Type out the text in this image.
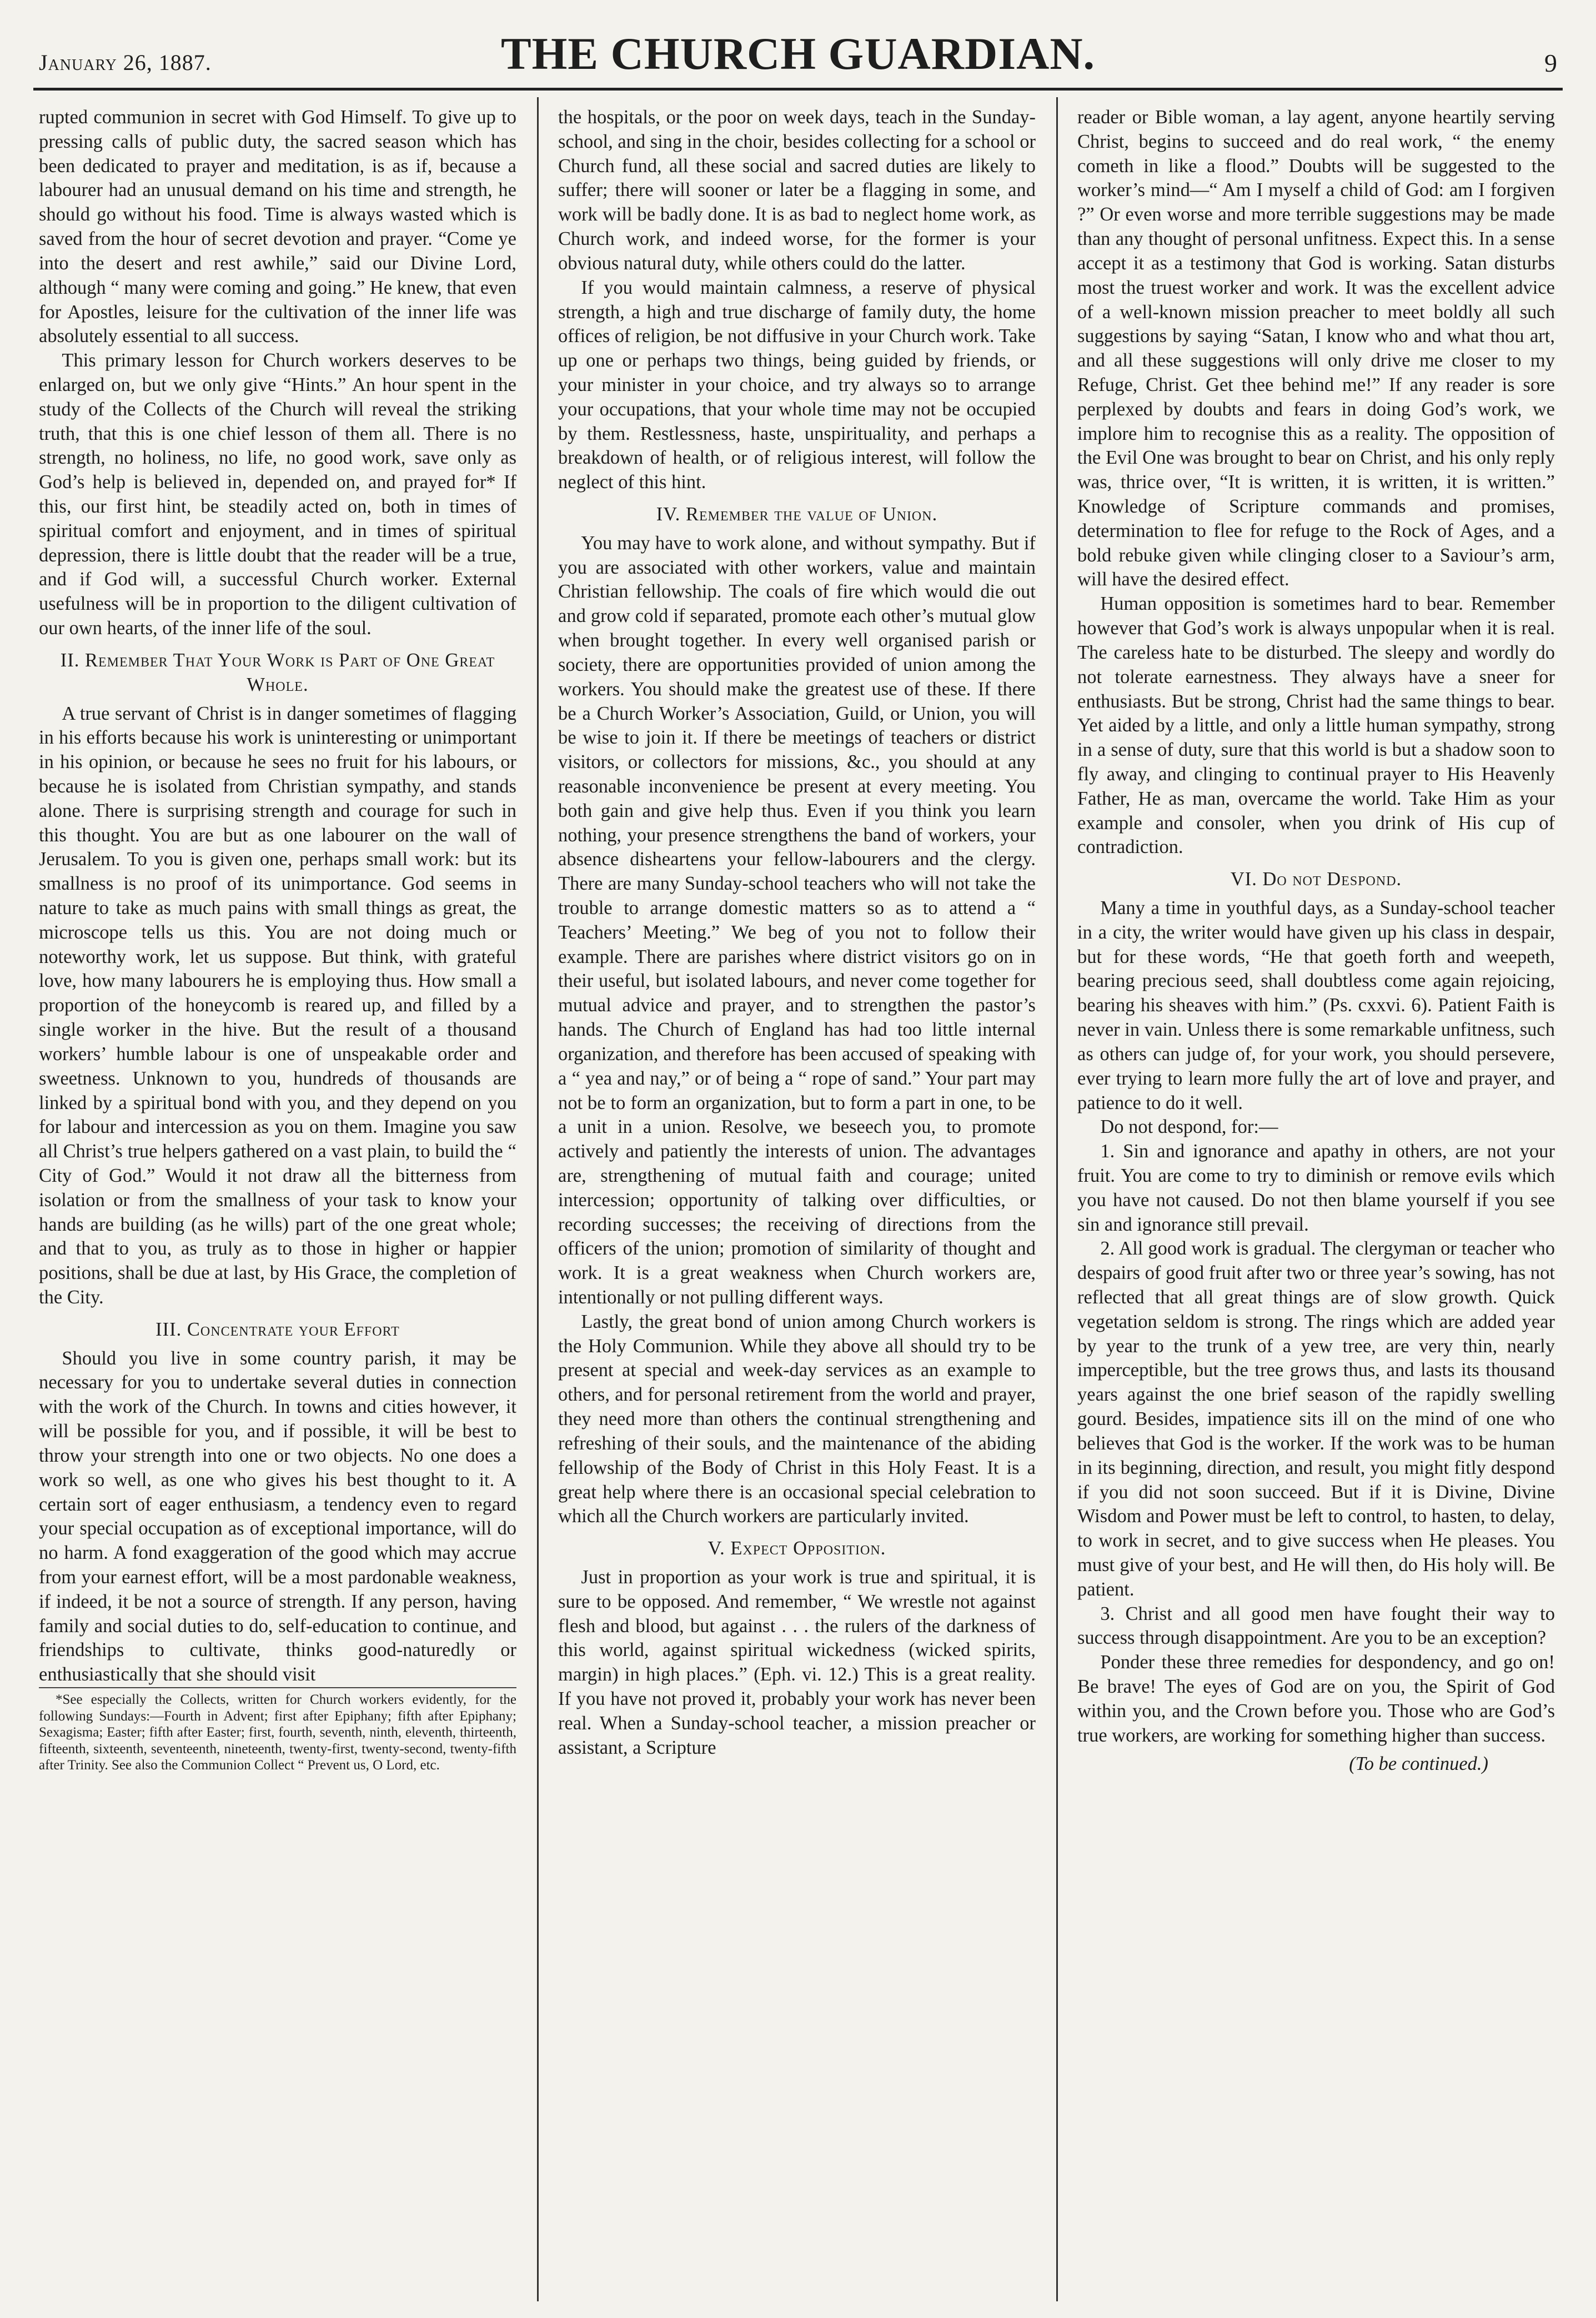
January 26, 1887.	THE CHURCH GUARDIAN.	9

rupted communion in secret with God Himself. To give up to pressing calls of public duty, the sacred season which has been dedicated to prayer and meditation, is as if, because a labourer had an unusual demand on his time and strength, he should go without his food. Time is always wasted which is saved from the hour of secret devotion and prayer. “Come ye into the desert and rest awhile,” said our Divine Lord, although “ many were coming and going.” He knew, that even for Apostles, leisure for the cultivation of the inner life was absolutely essential to all success.

This primary lesson for Church workers deserves to be enlarged on, but we only give “Hints.” An hour spent in the study of the Collects of the Church will reveal the striking truth, that this is one chief lesson of them all. There is no strength, no holiness, no life, no good work, save only as God’s help is believed in, depended on, and prayed for* If this, our first hint, be steadily acted on, both in times of spiritual comfort and enjoyment, and in times of spiritual depression, there is little doubt that the reader will be a true, and if God will, a successful Church worker. External usefulness will be in proportion to the diligent cultivation of our own hearts, of the inner life of the soul.

II. Remember That Your Work is Part of One Great Whole.

A true servant of Christ is in danger sometimes of flagging in his efforts because his work is uninteresting or unimportant in his opinion, or because he sees no fruit for his labours, or because he is isolated from Christian sympathy, and stands alone. There is surprising strength and courage for such in this thought. You are but as one labourer on the wall of Jerusalem. To you is given one, perhaps small work: but its smallness is no proof of its unimportance. God seems in nature to take as much pains with small things as great, the microscope tells us this. You are not doing much or noteworthy work, let us suppose. But think, with grateful love, how many labourers he is employing thus. How small a proportion of the honeycomb is reared up, and filled by a single worker in the hive. But the result of a thousand workers’ humble labour is one of unspeakable order and sweetness. Unknown to you, hundreds of thousands are linked by a spiritual bond with you, and they depend on you for labour and intercession as you on them. Imagine you saw all Christ’s true helpers gathered on a vast plain, to build the “ City of God.” Would it not draw all the bitterness from isolation or from the smallness of your task to know your hands are building (as he wills) part of the one great whole; and that to you, as truly as to those in higher or happier positions, shall be due at last, by His Grace, the completion of the City.

III. Concentrate your Effort

Should you live in some country parish, it may be necessary for you to undertake several duties in connection with the work of the Church. In towns and cities however, it will be possible for you, and if possible, it will be best to throw your strength into one or two objects. No one does a work so well, as one who gives his best thought to it. A certain sort of eager enthusiasm, a tendency even to regard your special occupation as of exceptional importance, will do no harm. A fond exaggeration of the good which may accrue from your earnest effort, will be a most pardonable weakness, if indeed, it be not a source of strength. If any person, having family and social duties to do, self-education to continue, and friendships to cultivate, thinks good-naturedly or enthusiastically that she should visit

*See especially the Collects, written for Church workers evidently, for the following Sundays:—Fourth in Advent; first after Epiphany; fifth after Epiphany; Sexagisma; Easter; fifth after Easter; first, fourth, seventh, ninth, eleventh, thirteenth, fifteenth, sixteenth, seventeenth, nineteenth, twenty-first, twenty-second, twenty-fifth after Trinity. See also the Communion Collect “ Prevent us, O Lord, etc.

the hospitals, or the poor on week days, teach in the Sunday-school, and sing in the choir, besides collecting for a school or Church fund, all these social and sacred duties are likely to suffer; there will sooner or later be a flagging in some, and work will be badly done. It is as bad to neglect home work, as Church work, and indeed worse, for the former is your obvious natural duty, while others could do the latter.

If you would maintain calmness, a reserve of physical strength, a high and true discharge of family duty, the home offices of religion, be not diffusive in your Church work. Take up one or perhaps two things, being guided by friends, or your minister in your choice, and try always so to arrange your occupations, that your whole time may not be occupied by them. Restlessness, haste, unspirituality, and perhaps a breakdown of health, or of religious interest, will follow the neglect of this hint.

IV. Remember the value of Union.

You may have to work alone, and without sympathy. But if you are associated with other workers, value and maintain Christian fellowship. The coals of fire which would die out and grow cold if separated, promote each other’s mutual glow when brought together. In every well organised parish or society, there are opportunities provided of union among the workers. You should make the greatest use of these. If there be a Church Worker’s Association, Guild, or Union, you will be wise to join it. If there be meetings of teachers or district visitors, or collectors for missions, &c., you should at any reasonable inconvenience be present at every meeting. You both gain and give help thus. Even if you think you learn nothing, your presence strengthens the band of workers, your absence disheartens your fellow-labourers and the clergy. There are many Sunday-school teachers who will not take the trouble to arrange domestic matters so as to attend a “ Teachers’ Meeting.” We beg of you not to follow their example. There are parishes where district visitors go on in their useful, but isolated labours, and never come together for mutual advice and prayer, and to strengthen the pastor’s hands. The Church of England has had too little internal organization, and therefore has been accused of speaking with a “ yea and nay,” or of being a “ rope of sand.” Your part may not be to form an organization, but to form a part in one, to be a unit in a union. Resolve, we beseech you, to promote actively and patiently the interests of union. The advantages are, strengthening of mutual faith and courage; united intercession; opportunity of talking over difficulties, or recording successes; the receiving of directions from the officers of the union; promotion of similarity of thought and work. It is a great weakness when Church workers are, intentionally or not pulling different ways.

Lastly, the great bond of union among Church workers is the Holy Communion. While they above all should try to be present at special and week-day services as an example to others, and for personal retirement from the world and prayer, they need more than others the continual strengthening and refreshing of their souls, and the maintenance of the abiding fellowship of the Body of Christ in this Holy Feast. It is a great help where there is an occasional special celebration to which all the Church workers are particularly invited.

V. Expect Opposition.

Just in proportion as your work is true and spiritual, it is sure to be opposed. And remember, “ We wrestle not against flesh and blood, but against . . . the rulers of the darkness of this world, against spiritual wickedness (wicked spirits, margin) in high places.” (Eph. vi. 12.) This is a great reality. If you have not proved it, probably your work has never been real. When a Sunday-school teacher, a mission preacher or assistant, a Scripture

reader or Bible woman, a lay agent, anyone heartily serving Christ, begins to succeed and do real work, “ the enemy cometh in like a flood.” Doubts will be suggested to the worker’s mind—“ Am I myself a child of God: am I forgiven ?” Or even worse and more terrible suggestions may be made than any thought of personal unfitness. Expect this. In a sense accept it as a testimony that God is working. Satan disturbs most the truest worker and work. It was the excellent advice of a well-known mission preacher to meet boldly all such suggestions by saying “Satan, I know who and what thou art, and all these suggestions will only drive me closer to my Refuge, Christ. Get thee behind me!” If any reader is sore perplexed by doubts and fears in doing God’s work, we implore him to recognise this as a reality. The opposition of the Evil One was brought to bear on Christ, and his only reply was, thrice over, “It is written, it is written, it is written.” Knowledge of Scripture commands and promises, determination to flee for refuge to the Rock of Ages, and a bold rebuke given while clinging closer to a Saviour’s arm, will have the desired effect.

Human opposition is sometimes hard to bear. Remember however that God’s work is always unpopular when it is real. The careless hate to be disturbed. The sleepy and wordly do not tolerate earnestness. They always have a sneer for enthusiasts. But be strong, Christ had the same things to bear. Yet aided by a little, and only a little human sympathy, strong in a sense of duty, sure that this world is but a shadow soon to fly away, and clinging to continual prayer to His Heavenly Father, He as man, overcame the world. Take Him as your example and consoler, when you drink of His cup of contradiction.

VI. Do not Despond.

Many a time in youthful days, as a Sunday-school teacher in a city, the writer would have given up his class in despair, but for these words, “He that goeth forth and weepeth, bearing precious seed, shall doubtless come again rejoicing, bearing his sheaves with him.” (Ps. cxxvi. 6). Patient Faith is never in vain. Unless there is some remarkable unfitness, such as others can judge of, for your work, you should persevere, ever trying to learn more fully the art of love and prayer, and patience to do it well.

Do not despond, for:—

1. Sin and ignorance and apathy in others, are not your fruit. You are come to try to diminish or remove evils which you have not caused. Do not then blame yourself if you see sin and ignorance still prevail.

2. All good work is gradual. The clergyman or teacher who despairs of good fruit after two or three year’s sowing, has not reflected that all great things are of slow growth. Quick vegetation seldom is strong. The rings which are added year by year to the trunk of a yew tree, are very thin, nearly imperceptible, but the tree grows thus, and lasts its thousand years against the one brief season of the rapidly swelling gourd. Besides, impatience sits ill on the mind of one who believes that God is the worker. If the work was to be human in its beginning, direction, and result, you might fitly despond if you did not soon succeed. But if it is Divine, Divine Wisdom and Power must be left to control, to hasten, to delay, to work in secret, and to give success when He pleases. You must give of your best, and He will then, do His holy will. Be patient.

3. Christ and all good men have fought their way to success through disappointment. Are you to be an exception?

Ponder these three remedies for despondency, and go on! Be brave! The eyes of God are on you, the Spirit of God within you, and the Crown before you. Those who are God’s true workers, are working for something higher than success.

(To be continued.)
